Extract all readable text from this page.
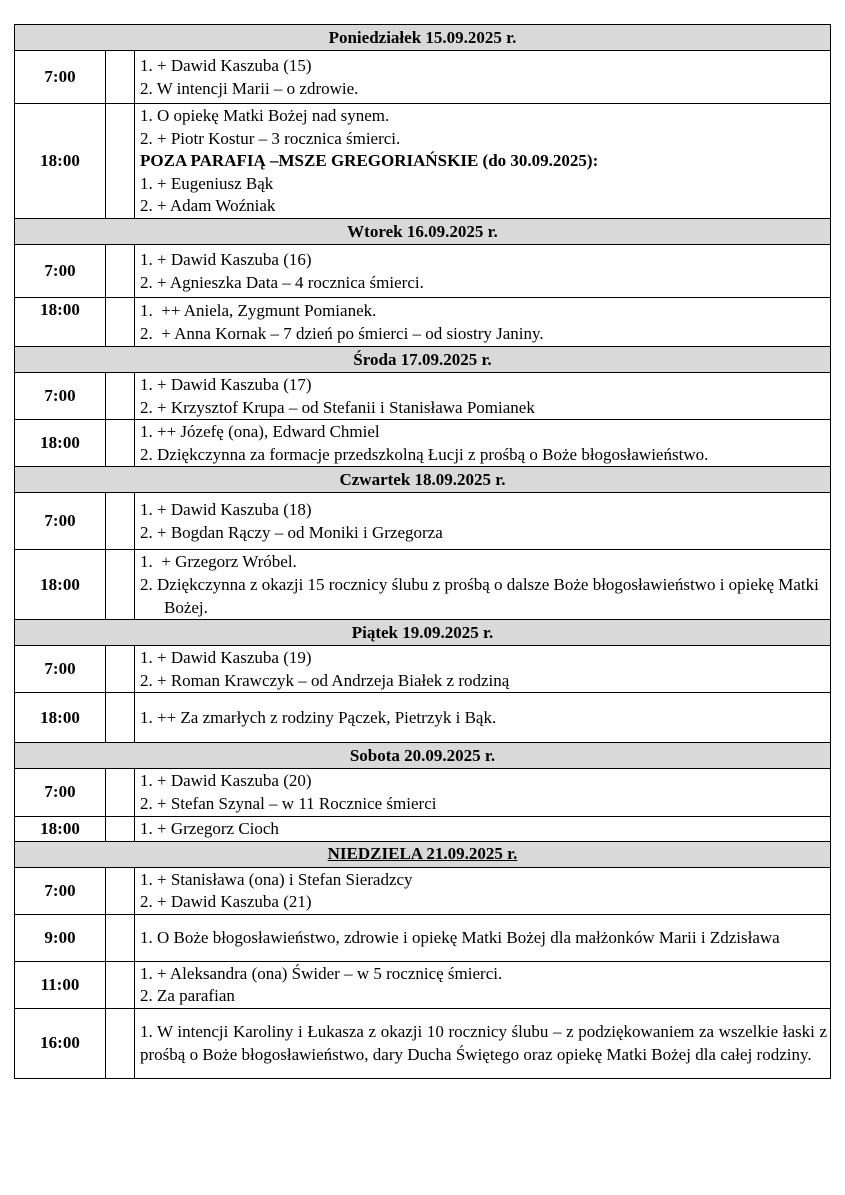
Poniedziałek 15.09.2025 r.		
7:00		1. + Dawid Kaszuba (15)
2. W intencji Marii – o zdrowie.

18:00		1. O opiekę Matki Bożej nad synem.
2. + Piotr Kostur – 3 rocznica śmierci.
POZA PARAFIĄ –MSZE GREGORIAŃSKIE (do 30.09.2025):
1. + Eugeniusz Bąk
2. + Adam Woźniak

Wtorek 16.09.2025 r.		
7:00		1. + Dawid Kaszuba (16)
2. + Agnieszka Data – 4 rocznica śmierci.

18:00		1.  ++ Aniela, Zygmunt Pomianek.
2.  + Anna Kornak – 7 dzień po śmierci – od siostry Janiny.

Środa 17.09.2025 r.		
7:00		1. + Dawid Kaszuba (17)
2. + Krzysztof Krupa – od Stefanii i Stanisława Pomianek

18:00		1. ++ Józefę (ona), Edward Chmiel
2. Dziękczynna za formacje przedszkolną Łucji z prośbą o Boże błogosławieństwo.

Czwartek 18.09.2025 r.		
7:00		1. + Dawid Kaszuba (18)
2. + Bogdan Rączy – od Moniki i Grzegorza

18:00		1.  + Grzegorz Wróbel.
2. Dziękczynna z okazji 15 rocznicy ślubu z prośbą o dalsze Boże błogosławieństwo i opiekę Matki Bożej.

Piątek 19.09.2025 r.		
7:00		1. + Dawid Kaszuba (19)
2. + Roman Krawczyk – od Andrzeja Białek z rodziną

18:00		1. ++ Za zmarłych z rodziny Pączek, Pietrzyk i Bąk.

Sobota 20.09.2025 r.		
7:00		1. + Dawid Kaszuba (20)
2. + Stefan Szynal – w 11 Rocznice śmierci

18:00		1. + Grzegorz Cioch

NIEDZIELA 21.09.2025 r.		
7:00		1. + Stanisława (ona) i Stefan Sieradzcy
2. + Dawid Kaszuba (21)

9:00		1. O Boże błogosławieństwo, zdrowie i opiekę Matki Bożej dla małżonków Marii i Zdzisława

11:00		1. + Aleksandra (ona) Świder – w 5 rocznicę śmierci.
2. Za parafian

16:00		1. W intencji Karoliny i Łukasza z okazji 10 rocznicy ślubu – z podziękowaniem za wszelkie łaski z prośbą o Boże błogosławieństwo, dary Ducha Świętego oraz opiekę Matki Bożej dla całej rodziny.
